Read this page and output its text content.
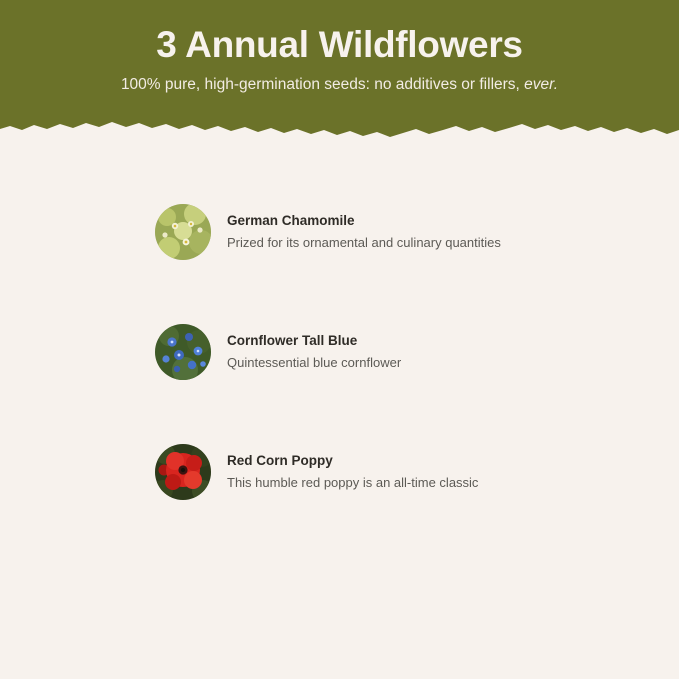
3 Annual Wildflowers

100% pure, high-germination seeds: no additives or fillers, ever.

German Chamomile

Prized for its ornamental and culinary quantities

Cornflower Tall Blue

Quintessential blue cornflower

Red Corn Poppy

This humble red poppy is an all-time classic
